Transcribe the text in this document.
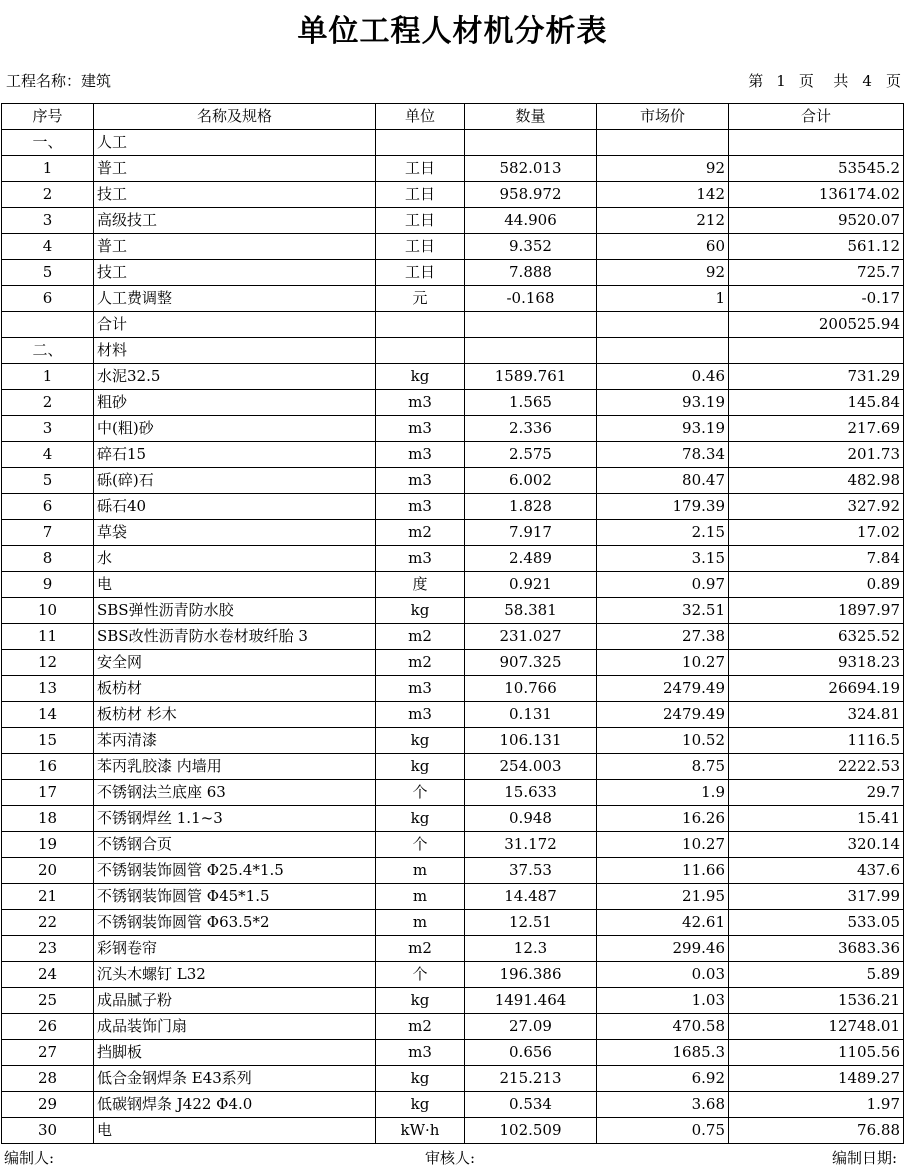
单位工程人材机分析表
工程名称：建筑	第 1 页 共 4 页
序号	名称及规格	单位	数量	市场价	合计
一、	人工				
1	普工	工日	582.013	92	53545.2
2	技工	工日	958.972	142	136174.02
3	高级技工	工日	44.906	212	9520.07
4	普工	工日	9.352	60	561.12
5	技工	工日	7.888	92	725.7
6	人工费调整	元	-0.168	1	-0.17
	合计				200525.94
二、	材料				
1	水泥32.5	kg	1589.761	0.46	731.29
2	粗砂	m3	1.565	93.19	145.84
3	中(粗)砂	m3	2.336	93.19	217.69
4	碎石15	m3	2.575	78.34	201.73
5	砾(碎)石	m3	6.002	80.47	482.98
6	砾石40	m3	1.828	179.39	327.92
7	草袋	m2	7.917	2.15	17.02
8	水	m3	2.489	3.15	7.84
9	电	度	0.921	0.97	0.89
10	SBS弹性沥青防水胶	kg	58.381	32.51	1897.97
11	SBS改性沥青防水卷材玻纤胎 3	m2	231.027	27.38	6325.52
12	安全网	m2	907.325	10.27	9318.23
13	板枋材	m3	10.766	2479.49	26694.19
14	板枋材 杉木	m3	0.131	2479.49	324.81
15	苯丙清漆	kg	106.131	10.52	1116.5
16	苯丙乳胶漆 内墙用	kg	254.003	8.75	2222.53
17	不锈钢法兰底座 63	个	15.633	1.9	29.7
18	不锈钢焊丝 1.1~3	kg	0.948	16.26	15.41
19	不锈钢合页	个	31.172	10.27	320.14
20	不锈钢装饰圆管 Φ25.4*1.5	m	37.53	11.66	437.6
21	不锈钢装饰圆管 Φ45*1.5	m	14.487	21.95	317.99
22	不锈钢装饰圆管 Φ63.5*2	m	12.51	42.61	533.05
23	彩钢卷帘	m2	12.3	299.46	3683.36
24	沉头木螺钉 L32	个	196.386	0.03	5.89
25	成品腻子粉	kg	1491.464	1.03	1536.21
26	成品装饰门扇	m2	27.09	470.58	12748.01
27	挡脚板	m3	0.656	1685.3	1105.56
28	低合金钢焊条 E43系列	kg	215.213	6.92	1489.27
29	低碳钢焊条 J422 Φ4.0	kg	0.534	3.68	1.97
30	电	kW·h	102.509	0.75	76.88
编制人:	审核人:	编制日期:
